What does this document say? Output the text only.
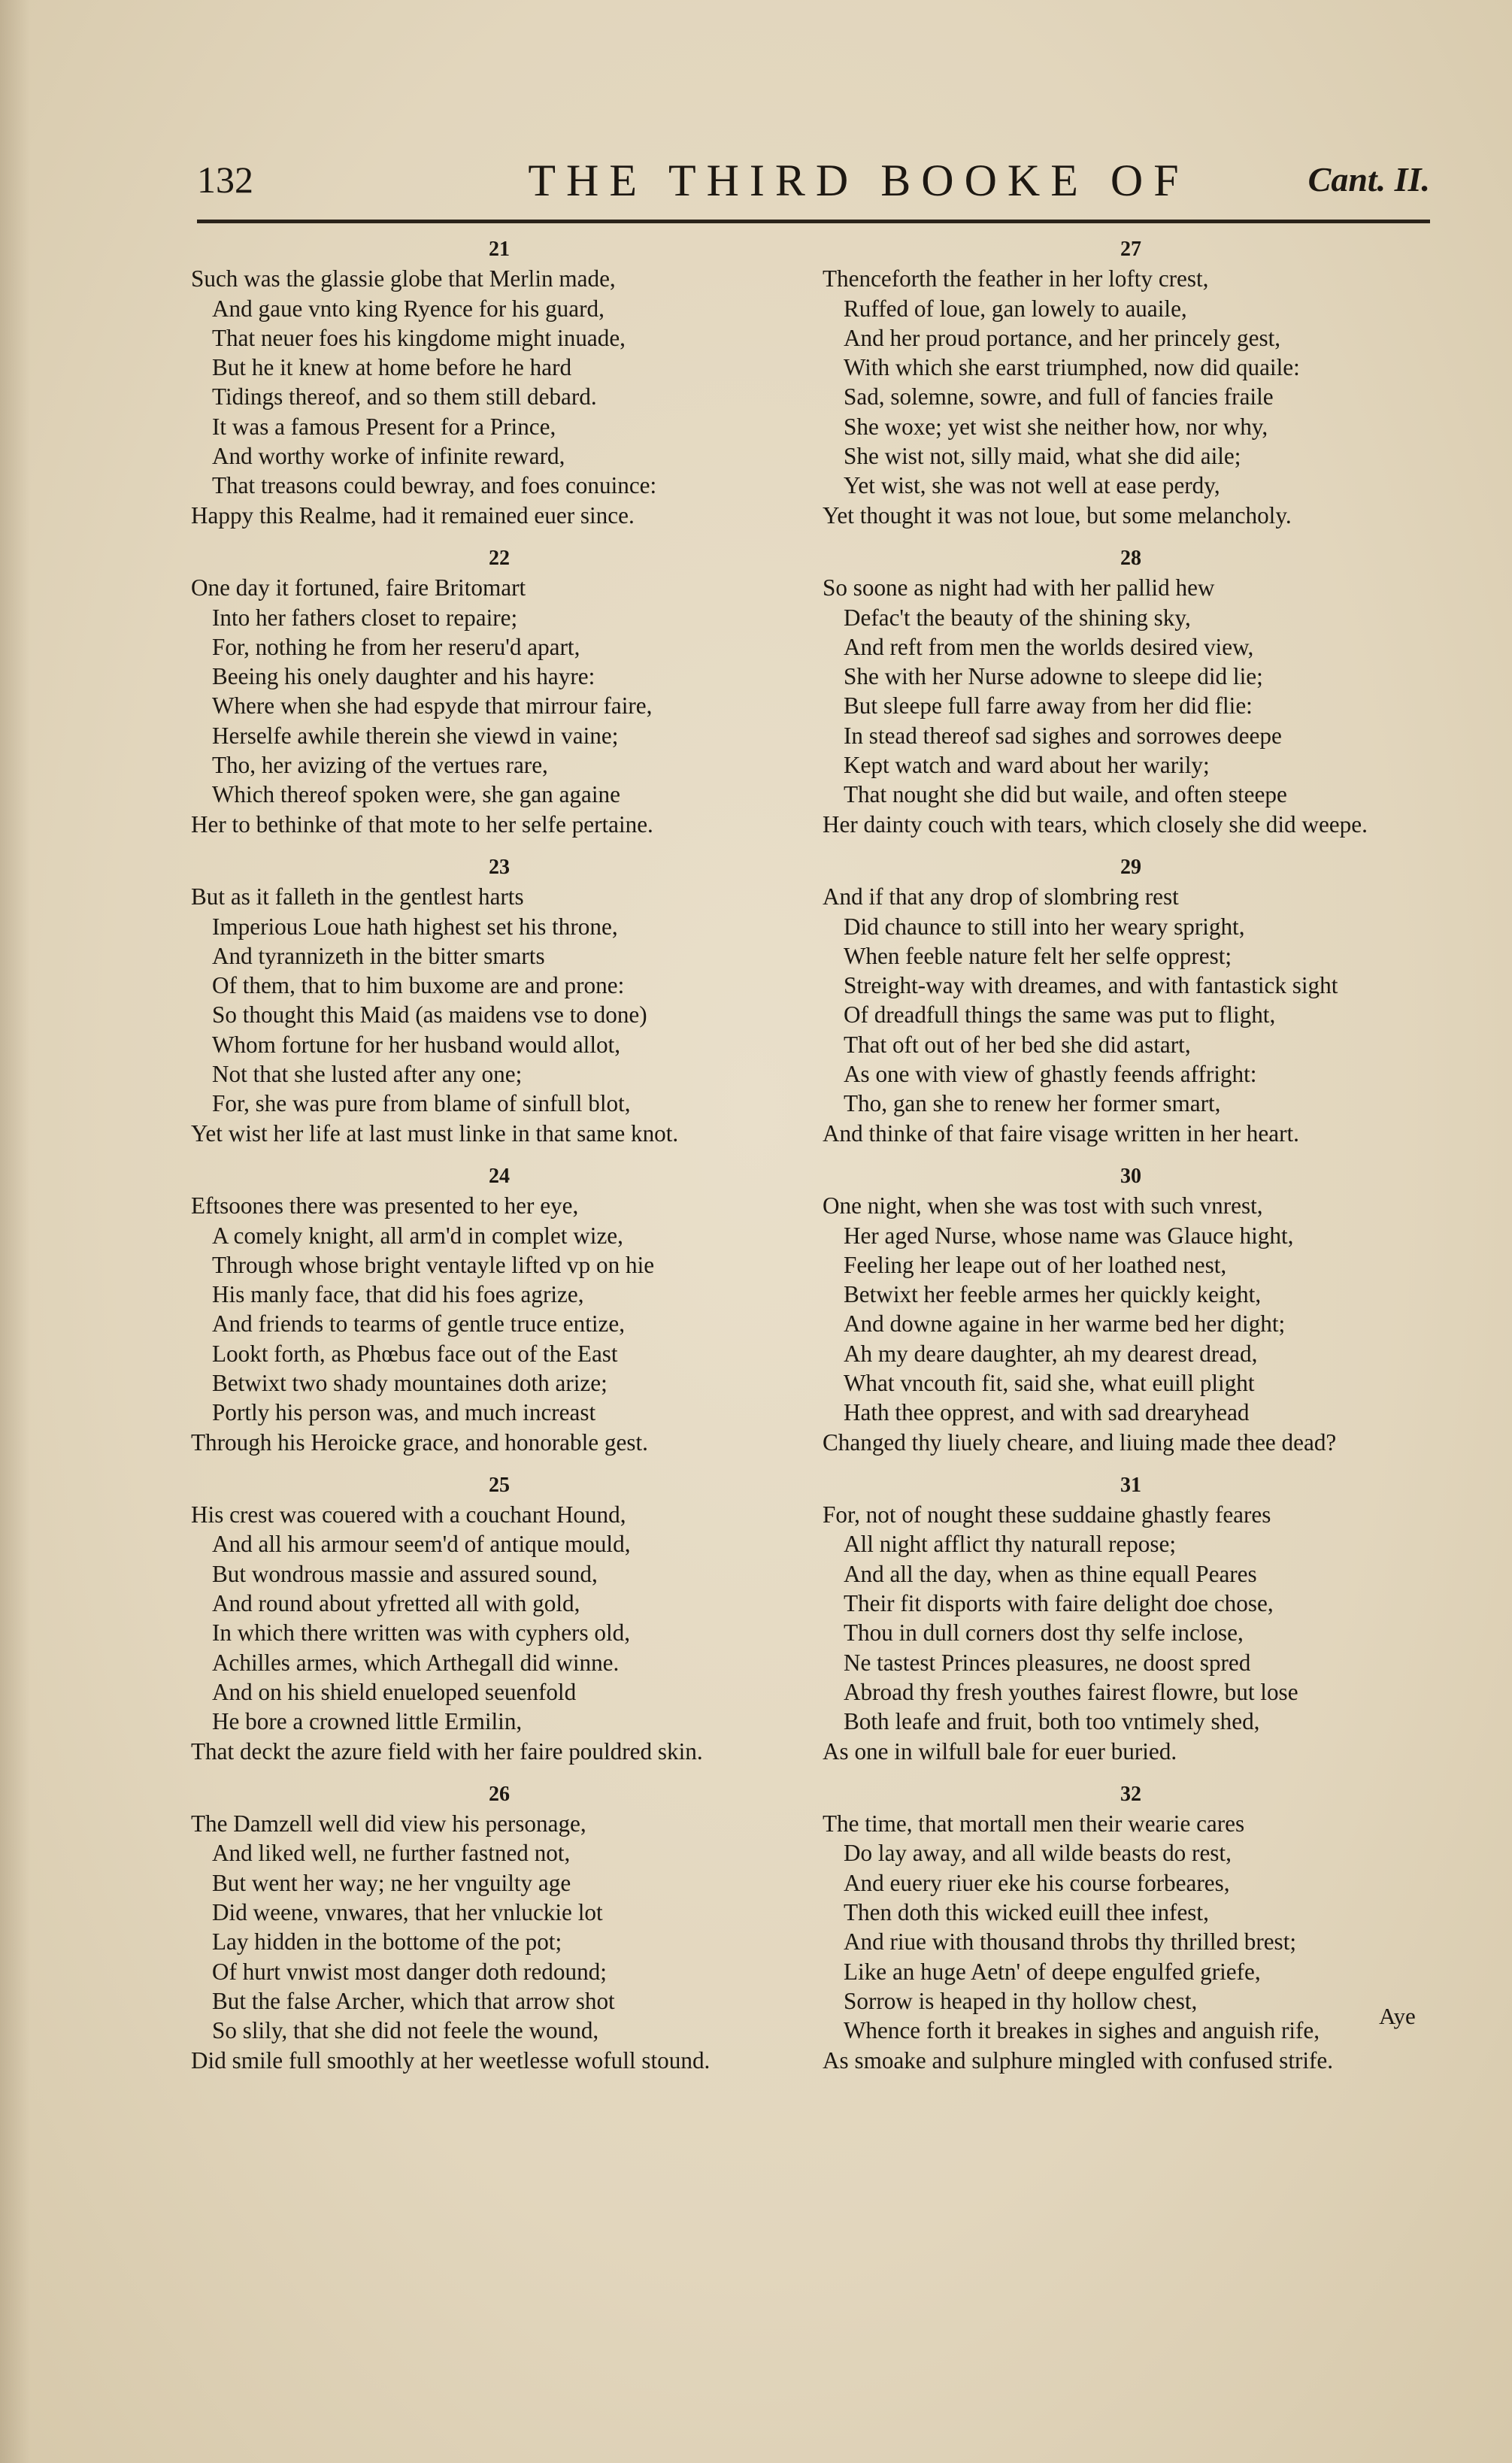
132	THE THIRD BOOKE OF	Cant. II.
21
Such was the glassie globe that Merlin made,
And gaue vnto king Ryence for his guard,
That neuer foes his kingdome might inuade,
But he it knew at home before he hard
Tidings thereof, and so them still debard.
It was a famous Present for a Prince,
And worthy worke of infinite reward,
That treasons could bewray, and foes conuince:
Happy this Realme, had it remained euer since.
22
One day it fortuned, faire Britomart
Into her fathers closet to repaire;
For, nothing he from her reseru'd apart,
Beeing his onely daughter and his hayre:
Where when she had espyde that mirrour faire,
Herselfe awhile therein she viewd in vaine;
Tho, her avizing of the vertues rare,
Which thereof spoken were, she gan againe
Her to bethinke of that mote to her selfe pertaine.
23
But as it falleth in the gentlest harts
Imperious Loue hath highest set his throne,
And tyrannizeth in the bitter smarts
Of them, that to him buxome are and prone:
So thought this Maid (as maidens vse to done)
Whom fortune for her husband would allot,
Not that she lusted after any one;
For, she was pure from blame of sinfull blot,
Yet wist her life at last must linke in that same knot.
24
Eftsoones there was presented to her eye,
A comely knight, all arm'd in complet wize,
Through whose bright ventayle lifted vp on hie
His manly face, that did his foes agrize,
And friends to tearms of gentle truce entize,
Lookt forth, as Phœbus face out of the East
Betwixt two shady mountaines doth arize;
Portly his person was, and much increast
Through his Heroicke grace, and honorable gest.
25
His crest was couered with a couchant Hound,
And all his armour seem'd of antique mould,
But wondrous massie and assured sound,
And round about yfretted all with gold,
In which there written was with cyphers old,
Achilles armes, which Arthegall did winne.
And on his shield enueloped seuenfold
He bore a crowned little Ermilin,
That deckt the azure field with her faire pouldred skin.
26
The Damzell well did view his personage,
And liked well, ne further fastned not,
But went her way; ne her vnguilty age
Did weene, vnwares, that her vnluckie lot
Lay hidden in the bottome of the pot;
Of hurt vnwist most danger doth redound;
But the false Archer, which that arrow shot
So slily, that she did not feele the wound,
Did smile full smoothly at her weetlesse wofull stound.
27
Thenceforth the feather in her lofty crest,
Ruffed of loue, gan lowely to auaile,
And her proud portance, and her princely gest,
With which she earst triumphed, now did quaile:
Sad, solemne, sowre, and full of fancies fraile
She woxe; yet wist she neither how, nor why,
She wist not, silly maid, what she did aile;
Yet wist, she was not well at ease perdy,
Yet thought it was not loue, but some melancholy.
28
So soone as night had with her pallid hew
Defac't the beauty of the shining sky,
And reft from men the worlds desired view,
She with her Nurse adowne to sleepe did lie;
But sleepe full farre away from her did flie:
In stead thereof sad sighes and sorrowes deepe
Kept watch and ward about her warily;
That nought she did but waile, and often steepe
Her dainty couch with tears, which closely she did weepe.
29
And if that any drop of slombring rest
Did chaunce to still into her weary spright,
When feeble nature felt her selfe opprest;
Streight-way with dreames, and with fantastick sight
Of dreadfull things the same was put to flight,
That oft out of her bed she did astart,
As one with view of ghastly feends affright:
Tho, gan she to renew her former smart,
And thinke of that faire visage written in her heart.
30
One night, when she was tost with such vnrest,
Her aged Nurse, whose name was Glauce hight,
Feeling her leape out of her loathed nest,
Betwixt her feeble armes her quickly keight,
And downe againe in her warme bed her dight;
Ah my deare daughter, ah my dearest dread,
What vncouth fit, said she, what euill plight
Hath thee opprest, and with sad drearyhead
Changed thy liuely cheare, and liuing made thee dead?
31
For, not of nought these suddaine ghastly feares
All night afflict thy naturall repose;
And all the day, when as thine equall Peares
Their fit disports with faire delight doe chose,
Thou in dull corners dost thy selfe inclose,
Ne tastest Princes pleasures, ne doost spred
Abroad thy fresh youthes fairest flowre, but lose
Both leafe and fruit, both too vntimely shed,
As one in wilfull bale for euer buried.
32
The time, that mortall men their wearie cares
Do lay away, and all wilde beasts do rest,
And euery riuer eke his course forbeares,
Then doth this wicked euill thee infest,
And riue with thousand throbs thy thrilled brest;
Like an huge Aetn' of deepe engulfed griefe,
Sorrow is heaped in thy hollow chest,
Whence forth it breakes in sighes and anguish rife,
As smoake and sulphure mingled with confused strife.
Aye
